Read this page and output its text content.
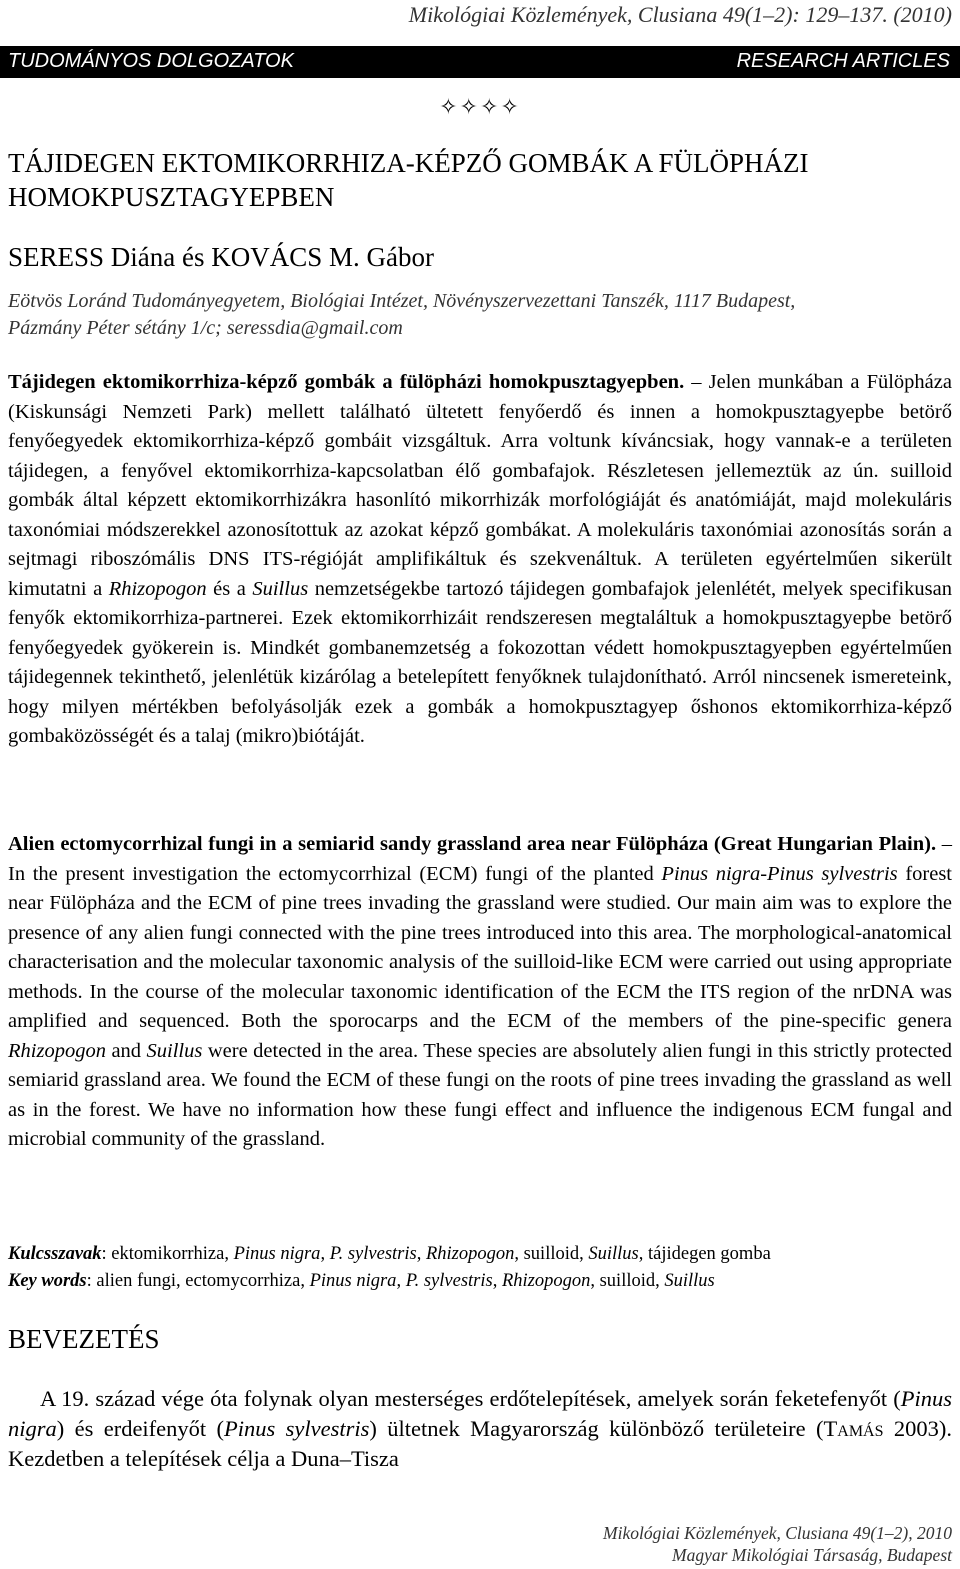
Mikológiai Közlemények, Clusiana 49(1–2): 129–137. (2010)
TUDOMÁNYOS DOLGOZATOK	RESEARCH ARTICLES
✧✧✧✧
TÁJIDEGEN EKTOMIKORRHIZA-KÉPZŐ GOMBÁK A FÜLÖPHÁZI
HOMOKPUSZTAGYEPBEN
SERESS Diána és KOVÁCS M. Gábor
Eötvös Loránd Tudományegyetem, Biológiai Intézet, Növényszervezettani Tanszék, 1117 Budapest,
Pázmány Péter sétány 1/c; seressdia@gmail.com
Tájidegen ektomikorrhiza-képző gombák a fülöpházi homokpusztagyepben. – Jelen munkában a Fülöpháza (Kiskunsági Nemzeti Park) mellett található ültetett fenyőerdő és innen a homokpusztagyepbe betörő fenyőegyedek ektomikorrhiza-képző gombáit vizsgáltuk. Arra voltunk kíváncsiak, hogy vannak-e a területen tájidegen, a fenyővel ektomikorrhiza-kapcsolatban élő gombafajok. Részletesen jellemeztük az ún. suilloid gombák által képzett ektomikorrhizákra hasonlító mikorrhizák morfológiáját és anatómiáját, majd molekuláris taxonómiai módszerekkel azonosítottuk az azokat képző gombákat. A molekuláris taxonómiai azonosítás során a sejtmagi riboszómális DNS ITS-régióját amplifikáltuk és szekvenáltuk. A területen egyértelműen sikerült kimutatni a Rhizopogon és a Suillus nemzetségekbe tartozó tájidegen gombafajok jelenlétét, melyek specifikusan fenyők ektomikorrhiza-partnerei. Ezek ektomikorrhizáit rendszeresen megtaláltuk a homokpusztagyepbe betörő fenyőegyedek gyökerein is. Mindkét gombanemzetség a fokozottan védett homokpusztagyepben egyértelműen tájidegennek tekinthető, jelenlétük kizárólag a betelepített fenyőknek tulajdonítható. Arról nincsenek ismereteink, hogy milyen mértékben befolyásolják ezek a gombák a homokpusztagyep őshonos ektomikorrhiza-képző gombaközösségét és a talaj (mikro)biótáját.
Alien ectomycorrhizal fungi in a semiarid sandy grassland area near Fülöpháza (Great Hungarian Plain). – In the present investigation the ectomycorrhizal (ECM) fungi of the planted Pinus nigra-Pinus sylvestris forest near Fülöpháza and the ECM of pine trees invading the grassland were studied. Our main aim was to explore the presence of any alien fungi connected with the pine trees introduced into this area. The morphological-anatomical characterisation and the molecular taxonomic analysis of the suilloid-like ECM were carried out using appropriate methods. In the course of the molecular taxonomic identification of the ECM the ITS region of the nrDNA was amplified and sequenced. Both the sporocarps and the ECM of the members of the pine-specific genera Rhizopogon and Suillus were detected in the area. These species are absolutely alien fungi in this strictly protected semiarid grassland area. We found the ECM of these fungi on the roots of pine trees invading the grassland as well as in the forest. We have no information how these fungi effect and influence the indigenous ECM fungal and microbial community of the grassland.
Kulcsszavak: ektomikorrhiza, Pinus nigra, P. sylvestris, Rhizopogon, suilloid, Suillus, tájidegen gomba
Key words: alien fungi, ectomycorrhiza, Pinus nigra, P. sylvestris, Rhizopogon, suilloid, Suillus
BEVEZETÉS
A 19. század vége óta folynak olyan mesterséges erdőtelepítések, amelyek során feketefenyőt (Pinus nigra) és erdeifenyőt (Pinus sylvestris) ültetnek Magyarország különböző területeire (Tamás 2003). Kezdetben a telepítések célja a Duna–Tisza
Mikológiai Közlemények, Clusiana 49(1–2), 2010
Magyar Mikológiai Társaság, Budapest
